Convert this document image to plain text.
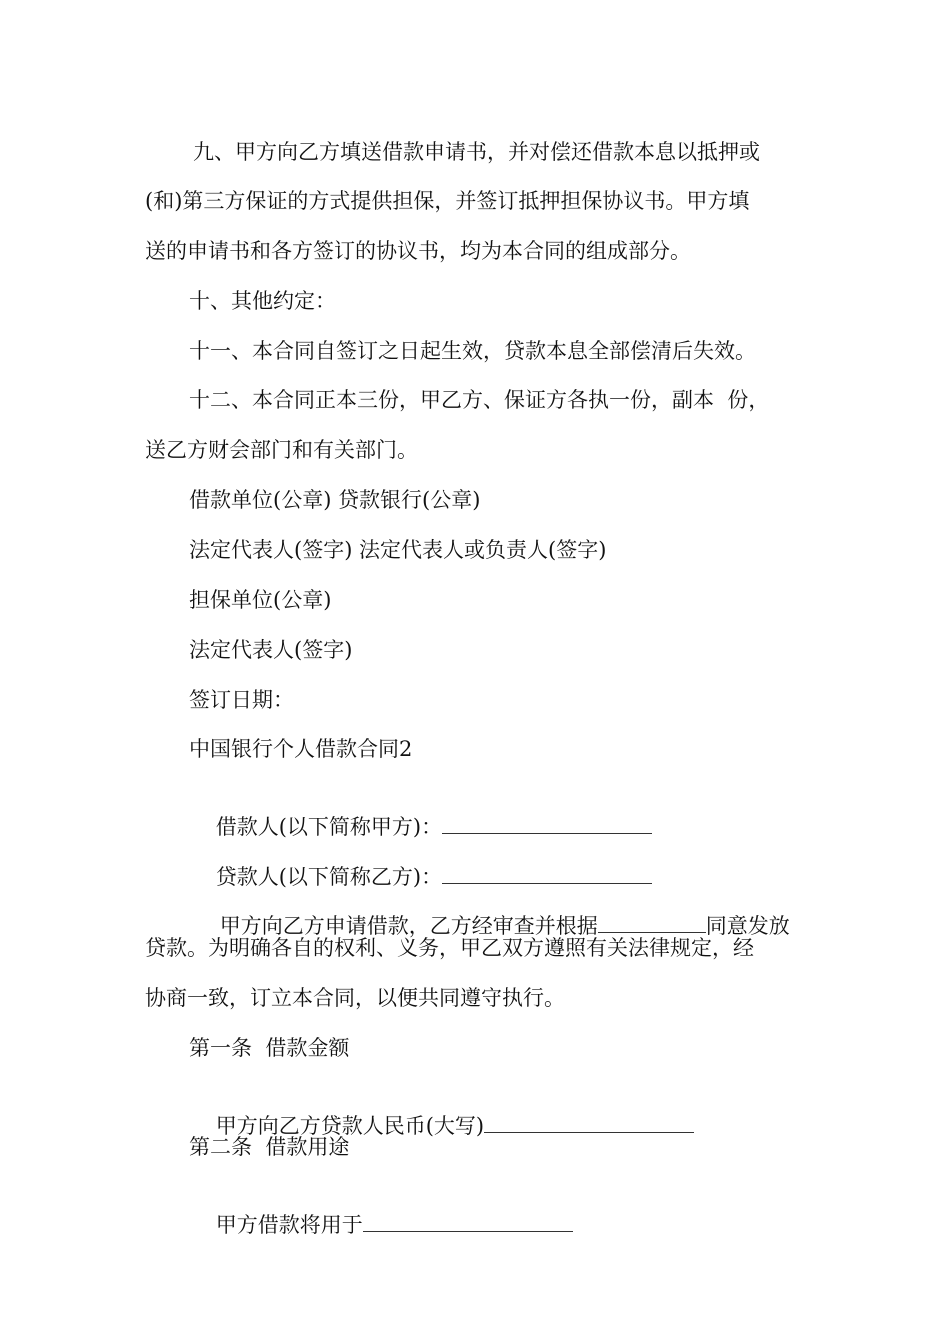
九、甲方向乙方填送借款申请书，并对偿还借款本息以抵押或
(和)第三方保证的方式提供担保，并签订抵押担保协议书。甲方填
送的申请书和各方签订的协议书，均为本合同的组成部分。
十、其他约定：
十一、本合同自签订之日起生效，贷款本息全部偿清后失效。
十二、本合同正本三份，甲乙方、保证方各执一份，副本  份，
送乙方财会部门和有关部门。
借款单位(公章) 贷款银行(公章)
法定代表人(签字) 法定代表人或负责人(签字)
担保单位(公章)
法定代表人(签字)
签订日期：
中国银行个人借款合同2

借款人(以下简称甲方)：

贷款人(以下简称乙方)：

甲方向乙方申请借款，乙方经审查并根据	同意发放

贷款。为明确各自的权利、义务，甲乙双方遵照有关法律规定，经
协商一致，订立本合同，以便共同遵守执行。
第一条  借款金额

甲方向乙方贷款人民币(大写)

第二条  借款用途

甲方借款将用于
